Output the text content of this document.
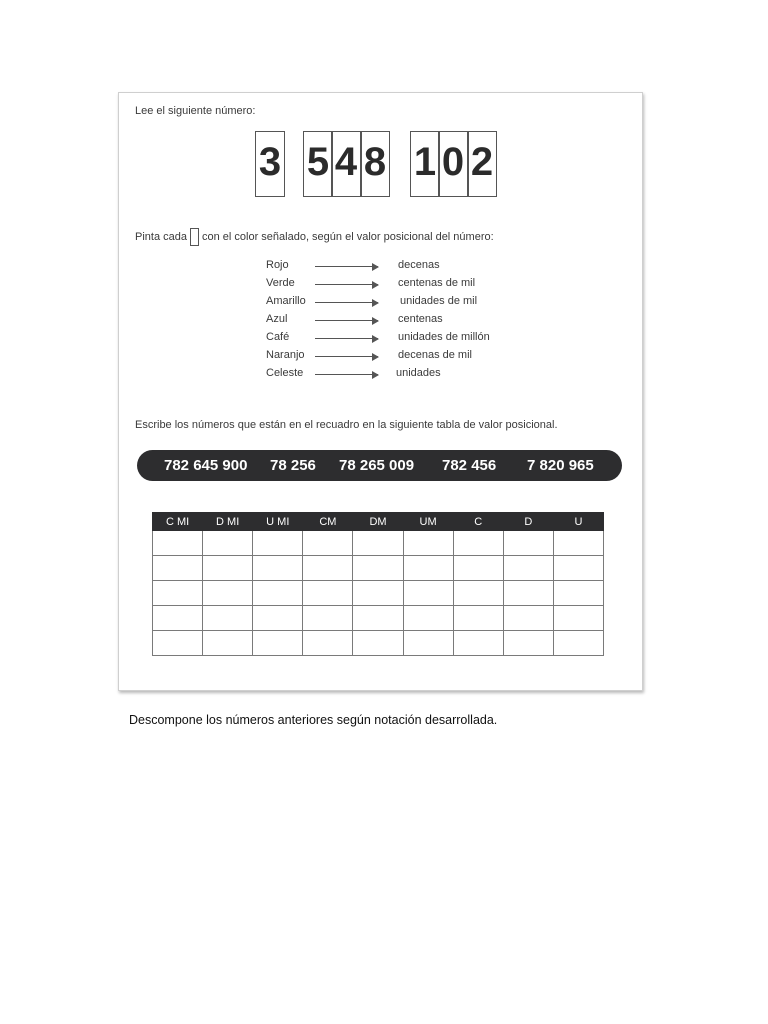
Lee el siguiente número:
3 5 4 8 1 0 2
Pinta cada con el color señalado, según el valor posicional del número:
Rojo	decenas
Verde	centenas de mil
Amarillo	unidades de mil
Azul	centenas
Café	unidades de millón
Naranjo	decenas de mil
Celeste	unidades
Escribe los números que están en el recuadro en la siguiente tabla de valor posicional.
782 645 900 78 256 78 265 009 782 456 7 820 965
C MI	D MI	U MI	CM	DM	UM	C	D	U

Descompone los números anteriores según notación desarrollada.
